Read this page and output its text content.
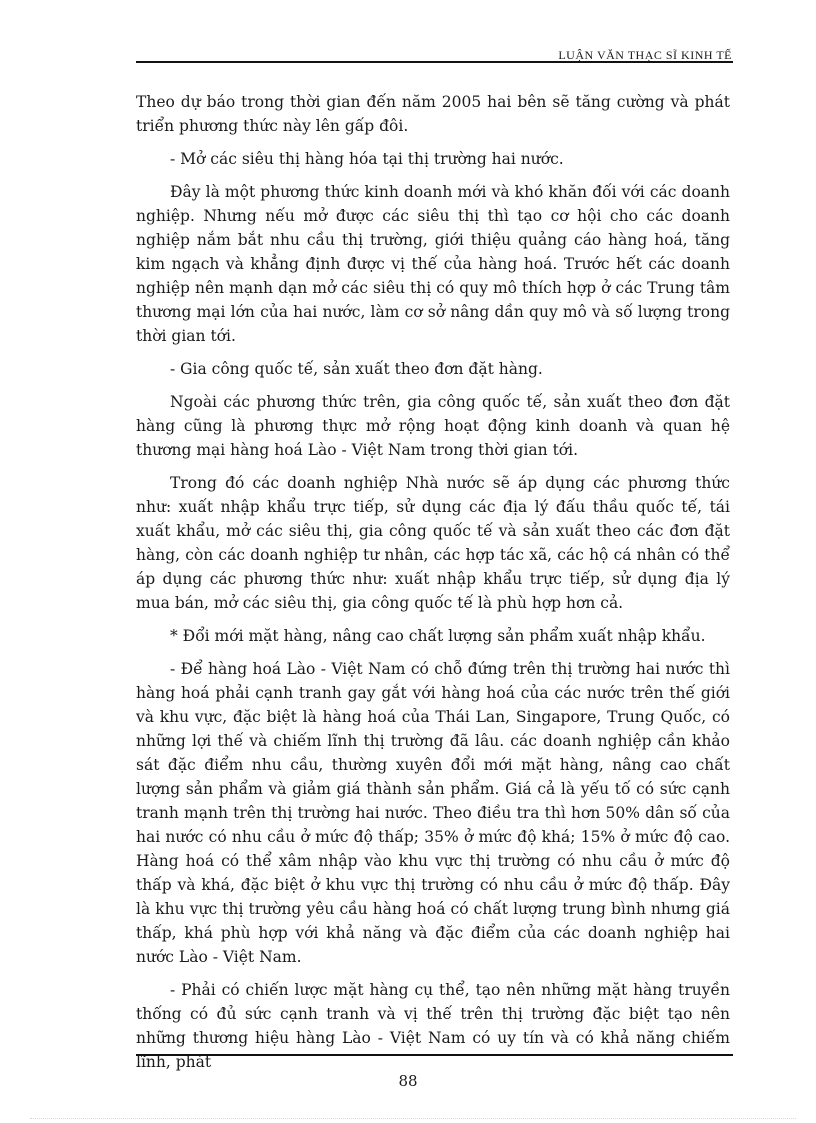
LUẬN VĂN THẠC SĨ KINH TẾ

Theo dự báo trong thời gian đến năm 2005 hai bên sẽ tăng cường và phát triển phương thức này lên gấp đôi.

- Mở các siêu thị hàng hóa tại thị trường hai nước.

Đây là một phương thức kinh doanh mới và khó khăn đối với các doanh nghiệp. Nhưng nếu mở được các siêu thị thì tạo cơ hội cho các doanh nghiệp nắm bắt nhu cầu thị trường, giới thiệu quảng cáo hàng hoá, tăng kim ngạch và khẳng định được vị thế của hàng hoá. Trước hết các doanh nghiệp nên mạnh dạn mở các siêu thị có quy mô thích hợp ở các Trung tâm thương mại lớn của hai nước, làm cơ sở nâng dần quy mô và số lượng trong thời gian tới.

- Gia công quốc tế, sản xuất theo đơn đặt hàng.

Ngoài các phương thức trên, gia công quốc tế, sản xuất theo đơn đặt hàng cũng là phương thực mở rộng hoạt động kinh doanh và quan hệ thương mại hàng hoá Lào - Việt Nam trong thời gian tới.

Trong đó các doanh nghiệp Nhà nước sẽ áp dụng các phương thức như: xuất nhập khẩu trực tiếp, sử dụng các địa lý đấu thầu quốc tế, tái xuất khẩu, mở các siêu thị, gia công quốc tế và sản xuất theo các đơn đặt hàng, còn các doanh nghiệp tư nhân, các hợp tác xã, các hộ cá nhân có thể áp dụng các phương thức như: xuất nhập khẩu trực tiếp, sử dụng địa lý mua bán, mở các siêu thị, gia công quốc tế là phù hợp hơn cả.

* Đổi mới mặt hàng, nâng cao chất lượng sản phẩm xuất nhập khẩu.

- Để hàng hoá Lào - Việt Nam có chỗ đứng trên thị trường hai nước thì hàng hoá phải cạnh tranh gay gắt với hàng hoá của các nước trên thế giới và khu vực, đặc biệt là hàng hoá của Thái Lan, Singapore, Trung Quốc, có những lợi thế và chiếm lĩnh thị trường đã lâu. các doanh nghiệp cần khảo sát đặc điểm nhu cầu, thường xuyên đổi mới mặt hàng, nâng cao chất lượng sản phẩm và giảm giá thành sản phẩm. Giá cả là yếu tố có sức cạnh tranh mạnh trên thị trường hai nước. Theo điều tra thì hơn 50% dân số của hai nước có nhu cầu ở mức độ thấp; 35% ở mức độ khá; 15% ở mức độ cao. Hàng hoá có thể xâm nhập vào khu vực thị trường có nhu cầu ở mức độ thấp và khá, đặc biệt ở khu vực thị trường có nhu cầu ở mức độ thấp. Đây là khu vực thị trường yêu cầu hàng hoá có chất lượng trung bình nhưng giá thấp, khá phù hợp với khả năng và đặc điểm của các doanh nghiệp hai nước Lào - Việt Nam.

- Phải có chiến lược mặt hàng cụ thể, tạo nên những mặt hàng truyền thống có đủ sức cạnh tranh và vị thế trên thị trường đặc biệt tạo nên những thương hiệu hàng Lào - Việt Nam có uy tín và có khả năng chiếm lĩnh, phát

88
